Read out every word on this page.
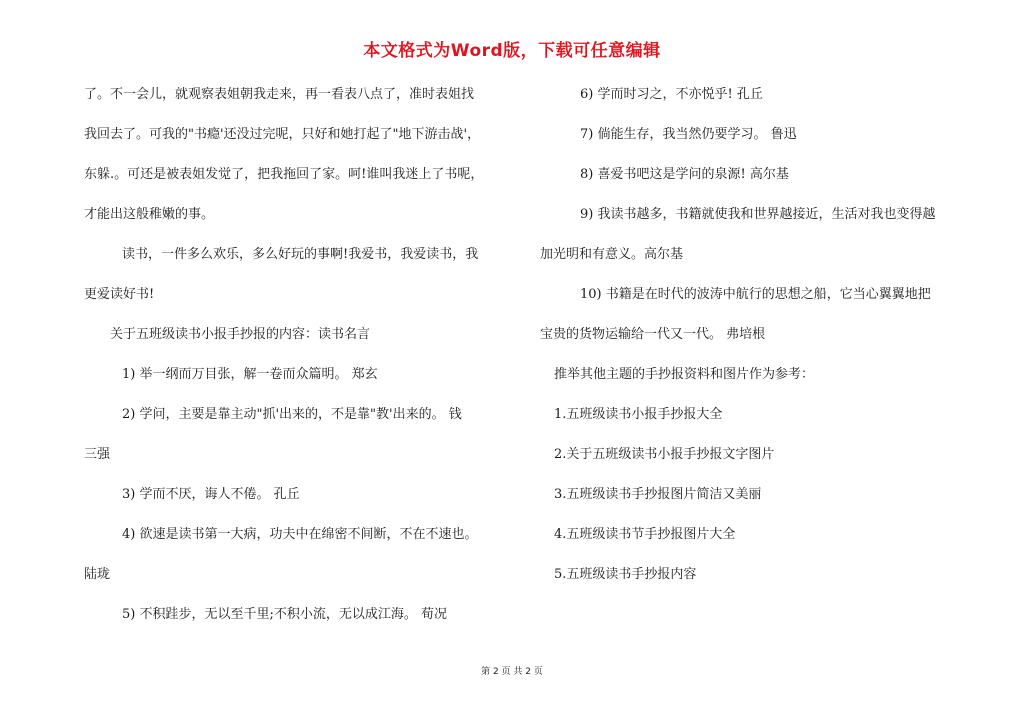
本文格式为Word版，下载可任意编辑
了。不一会儿，就观察表姐朝我走来，再一看表八点了，准时表姐找
我回去了。可我的"书瘾'还没过完呢，只好和她打起了"地下游击战'，
东躲.。可还是被表姐发觉了，把我拖回了家。呵!谁叫我迷上了书呢，
才能出这般稚嫩的事。
读书，一件多么欢乐，多么好玩的事啊!我爱书，我爱读书，我
更爱读好书!
关于五班级读书小报手抄报的内容：读书名言
1) 举一纲而万目张，解一卷而众篇明。 郑玄
2) 学问，主要是靠主动"抓'出来的，不是靠"教'出来的。 钱
三强
3) 学而不厌，诲人不倦。 孔丘
4) 欲速是读书第一大病，功夫中在绵密不间断，不在不速也。
陆珑
5) 不积跬步，无以至千里;不积小流，无以成江海。 荀况
6) 学而时习之，不亦悦乎! 孔丘
7) 倘能生存，我当然仍要学习。 鲁迅
8) 喜爱书吧这是学问的泉源! 高尔基
9) 我读书越多，书籍就使我和世界越接近，生活对我也变得越
加光明和有意义。高尔基
10) 书籍是在时代的波涛中航行的思想之船，它当心翼翼地把
宝贵的货物运输给一代又一代。 弗培根
推举其他主题的手抄报资料和图片作为参考：
1.五班级读书小报手抄报大全
2.关于五班级读书小报手抄报文字图片
3.五班级读书手抄报图片简洁又美丽
4.五班级读书节手抄报图片大全
5.五班级读书手抄报内容
第 2 页 共 2 页
